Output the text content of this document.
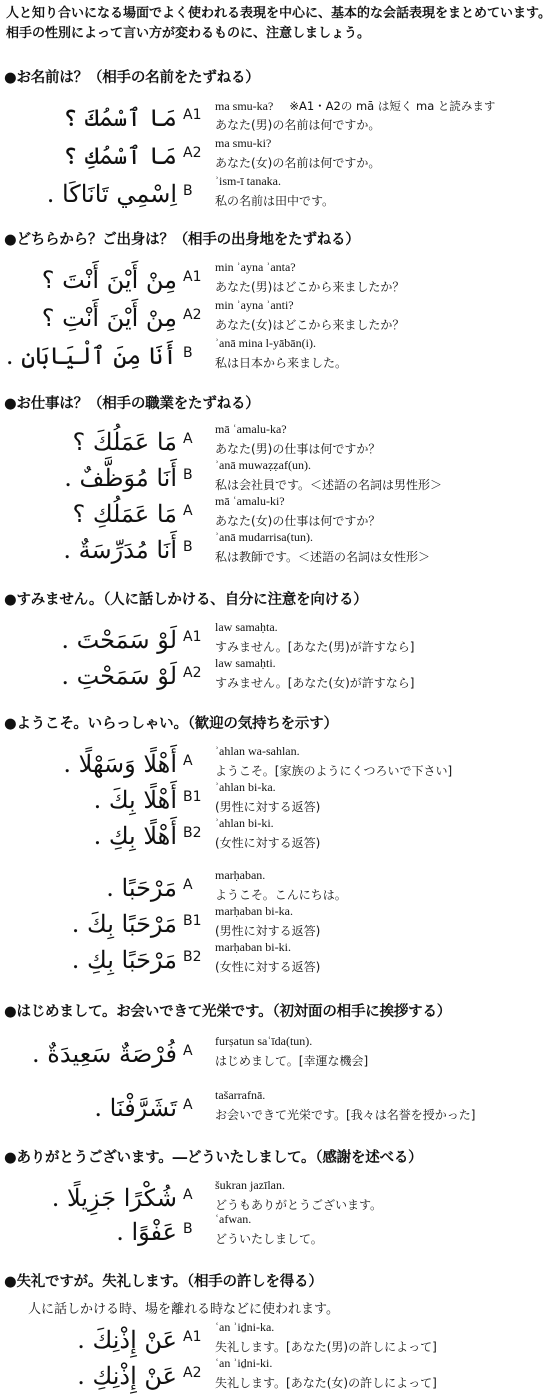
人と知り合いになる場面でよく使われる表現を中心に、基本的な会話表現をまとめています。相手の性別によって言い方が変わるものに、注意しましょう。
●お名前は？（相手の名前をたずねる）
مَا ٱسْمُكَ ؟ A1
ma smu-ka? ※A1・A2の mā は短く ma と読みます
あなた(男)の名前は何ですか。
مَا ٱسْمُكِ ؟ A2
ma smu-ki?
あなた(女)の名前は何ですか。
اِسْمِي تَانَاكَا . B
ʾism-ī tanaka.
私の名前は田中です。
●どちらから？ご出身は？（相手の出身地をたずねる）
مِنْ أَيْنَ أَنْتَ ؟ A1
min ʾayna ʾanta?
あなた(男)はどこから来ましたか？
مِنْ أَيْنَ أَنْتِ ؟ A2
min ʾayna ʾanti?
あなた(女)はどこから来ましたか？
أَنَا مِنَ ٱلْيَابَانِ . B
ʾanā mina l-yābān(i).
私は日本から来ました。
●お仕事は？（相手の職業をたずねる）
مَا عَمَلُكَ ؟ A
mā ʿamalu-ka?
あなた(男)の仕事は何ですか？
أَنَا مُوَظَّفٌ . B
ʾanā muwaẓẓaf(un).
私は会社員です。＜述語の名詞は男性形＞
مَا عَمَلُكِ ؟ A
mā ʿamalu-ki?
あなた(女)の仕事は何ですか？
أَنَا مُدَرِّسَةٌ . B
ʾanā mudarrisa(tun).
私は教師です。＜述語の名詞は女性形＞
●すみません。（人に話しかける、自分に注意を向ける）
لَوْ سَمَحْتَ . A1
law samaḥta.
すみません。[あなた(男)が許すなら]
لَوْ سَمَحْتِ . A2
law samaḥti.
すみません。[あなた(女)が許すなら]
●ようこそ。いらっしゃい。（歓迎の気持ちを示す）
أَهْلًا وَسَهْلًا . A
ʾahlan wa-sahlan.
ようこそ。[家族のようにくつろいで下さい]
أَهْلًا بِكَ . B1
ʾahlan bi-ka.
(男性に対する返答)
أَهْلًا بِكِ . B2
ʾahlan bi-ki.
(女性に対する返答)
مَرْحَبًا . A
marḥaban.
ようこそ。こんにちは。
مَرْحَبًا بِكَ . B1
marḥaban bi-ka.
(男性に対する返答)
مَرْحَبًا بِكِ . B2
marḥaban bi-ki.
(女性に対する返答)
●はじめまして。お会いできて光栄です。（初対面の相手に挨拶する）
فُرْصَةٌ سَعِيدَةٌ . A
furṣatun saʿīda(tun).
はじめまして。[幸運な機会]
تَشَرَّفْنَا . A
tašarrafnā.
お会いできて光栄です。[我々は名誉を授かった]
●ありがとうございます。―どういたしまして。（感謝を述べる）
شُكْرًا جَزِيلًا . A
šukran jazīlan.
どうもありがとうございます。
عَفْوًا . B
ʿafwan.
どういたしまして。
●失礼ですが。失礼します。（相手の許しを得る）
人に話しかける時、場を離れる時などに使われます。
عَنْ إِذْنِكَ . A1
ʿan ʾiḏni-ka.
失礼します。[あなた(男)の許しによって]
عَنْ إِذْنِكِ . A2
ʿan ʾiḏni-ki.
失礼します。[あなた(女)の許しによって]
